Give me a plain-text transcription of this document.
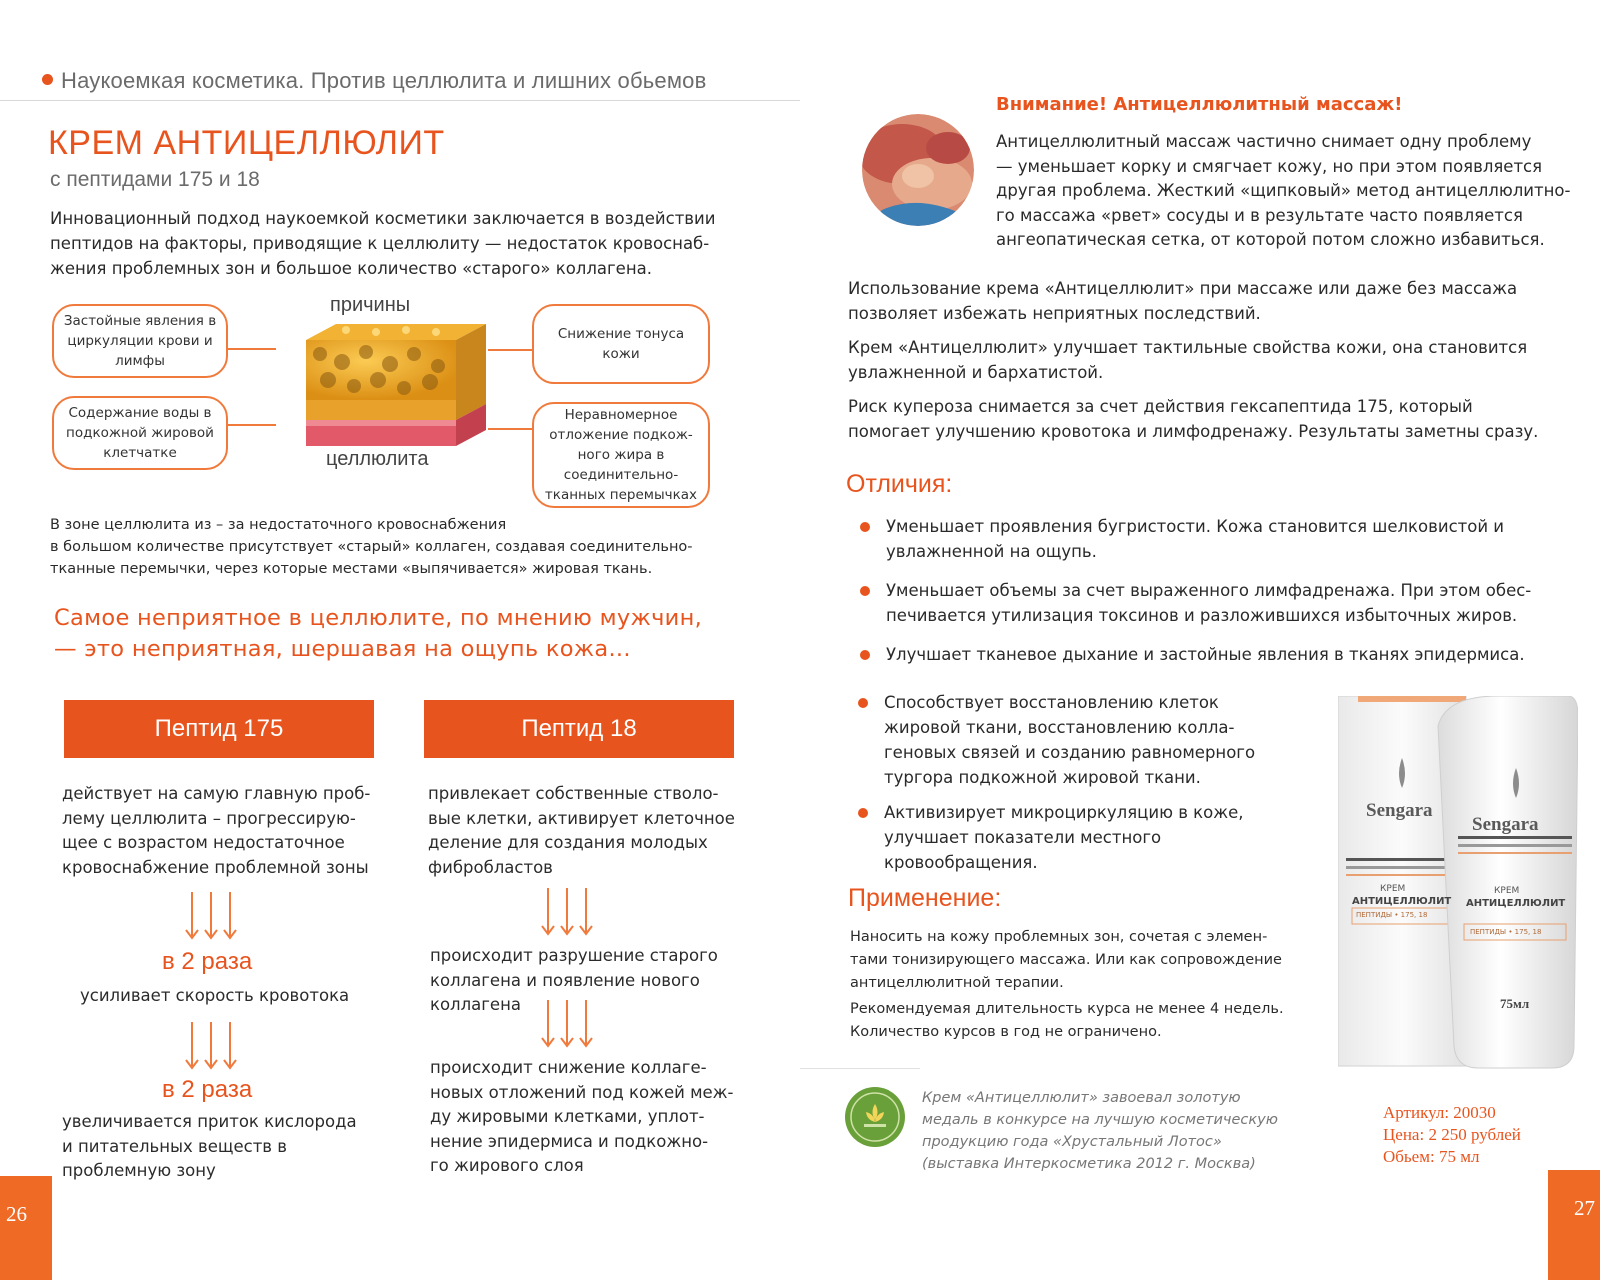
Наукоемкая косметика. Против целлюлита и лишних обьемов
КРЕМ АНТИЦЕЛЛЮЛИТ
с пептидами 175 и 18
Инновационный подход наукоемкой косметики заключается в воздействии
пептидов на факторы, приводящие к целлюлиту — недостаток кровоснаб-
жения проблемных зон и большое количество «старого» коллагена.
причины
Застойные явления в циркуляции крови и лимфы
Содержание воды в подкожной жировой клетчатке
Снижение тонуса кожи
Неравномерное отложение подкож-ного жира в соединительно-тканных перемычках
целлюлита
В зоне целлюлита из – за недостаточного кровоснабжения
в большом количестве присутствует «старый» коллаген, создавая соединительно-
тканные перемычки, через которые местами «выпячивается» жировая ткань.
Самое неприятное в целлюлите, по мнению мужчин,
— это неприятная, шершавая на ощупь кожа...
Пептид 175
действует на самую главную проб-
лему целлюлита – прогрессирую-
щее с возрастом недостаточное
кровоснабжение проблемной зоны
в 2 раза
усиливает скорость кровотока
в 2 раза
увеличивается приток кислорода
и питательных веществ в
проблемную зону
Пептид 18
привлекает собственные стволо-
вые клетки, активирует клеточное
деление для создания молодых
фибробластов
происходит разрушение старого
коллагена и появление нового
коллагена
происходит снижение коллаге-
новых отложений под кожей меж-
ду жировыми клетками, уплот-
нение эпидермиса и подкожно-
го жирового слоя
26
Внимание! Антицеллюлитный массаж!
Антицеллюлитный массаж частично снимает одну проблему
— уменьшает корку и смягчает кожу, но при этом появляется
другая проблема. Жесткий «щипковый» метод антицеллюлитно-
го массажа «рвет» сосуды и в результате часто появляется
ангеопатическая сетка, от которой потом сложно избавиться.
Использование крема «Антицеллюлит» при массаже или даже без массажа
позволяет избежать неприятных последствий.
Крем «Антицеллюлит» улучшает тактильные свойства кожи, она становится
увлажненной и бархатистой.
Риск купероза снимается за счет действия гексапептида 175, который
помогает улучшению кровотока и лимфодренажу. Результаты заметны сразу.
Отличия:
Уменьшает проявления бугристости. Кожа становится шелковистой и
увлажненной на ощупь.
Уменьшает объемы за счет выраженного лимфадренажа. При этом обес-
печивается утилизация токсинов и разложившихся избыточных жиров.
Улучшает тканевое дыхание и застойные явления в тканях эпидермиса.
Способствует восстановлению клеток
жировой ткани, восстановлению колла-
геновых связей и созданию равномерного
тургора подкожной жировой ткани.
Активизирует микроциркуляцию в коже,
улучшает показатели местного
кровообращения.
Применение:
Наносить на кожу проблемных зон, сочетая с элемен-
тами тонизирующего массажа. Или как сопровождение
антицеллюлитной терапии.
Рекомендуемая длительность курса не менее 4 недель.
Количество курсов в год не ограничено.
Крем «Антицеллюлит» завоевал золотую
медаль в конкурсе на лучшую косметическую
продукцию года «Хрустальный Лотос»
(выставка Интеркосметика 2012 г. Москва)
Sengara
КРЕМ
АНТИЦЕЛЛЮЛИТ
ПЕПТИДЫ • 175, 18
Sengara
КРЕМ
АНТИЦЕЛЛЮЛИТ
ПЕПТИДЫ • 175, 18
75мл
Артикул: 20030
Цена: 2 250 рублей
Обьем: 75 мл
27
